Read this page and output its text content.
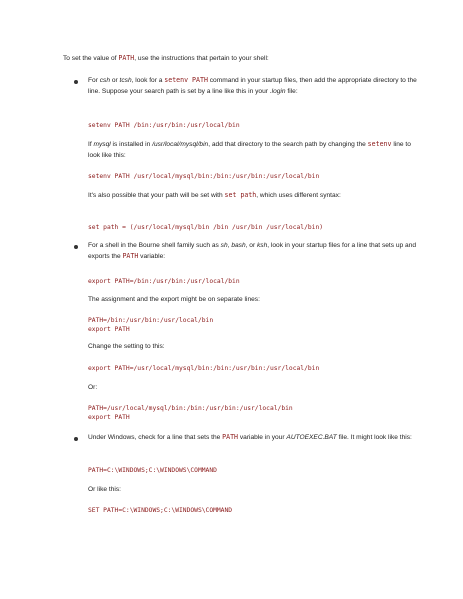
To set the value of PATH, use the instructions that pertain to your shell:
For csh or tcsh, look for a setenv PATH command in your startup files, then add the appropriate directory to the line. Suppose your search path is set by a line like this in your .login file:
setenv PATH /bin:/usr/bin:/usr/local/bin
If mysql is installed in /usr/local/mysql/bin, add that directory to the search path by changing the setenv line to look like this:
setenv PATH /usr/local/mysql/bin:/bin:/usr/bin:/usr/local/bin
It's also possible that your path will be set with set path, which uses different syntax:
set path = (/usr/local/mysql/bin /bin /usr/bin /usr/local/bin)
For a shell in the Bourne shell family such as sh, bash, or ksh, look in your startup files for a line that sets up and exports the PATH variable:
export PATH=/bin:/usr/bin:/usr/local/bin
The assignment and the export might be on separate lines:
PATH=/bin:/usr/bin:/usr/local/bin
export PATH
Change the setting to this:
export PATH=/usr/local/mysql/bin:/bin:/usr/bin:/usr/local/bin
Or:
PATH=/usr/local/mysql/bin:/bin:/usr/bin:/usr/local/bin
export PATH
Under Windows, check for a line that sets the PATH variable in your AUTOEXEC.BAT file. It might look like this:
PATH=C:\WINDOWS;C:\WINDOWS\COMMAND
Or like this:
SET PATH=C:\WINDOWS;C:\WINDOWS\COMMAND
